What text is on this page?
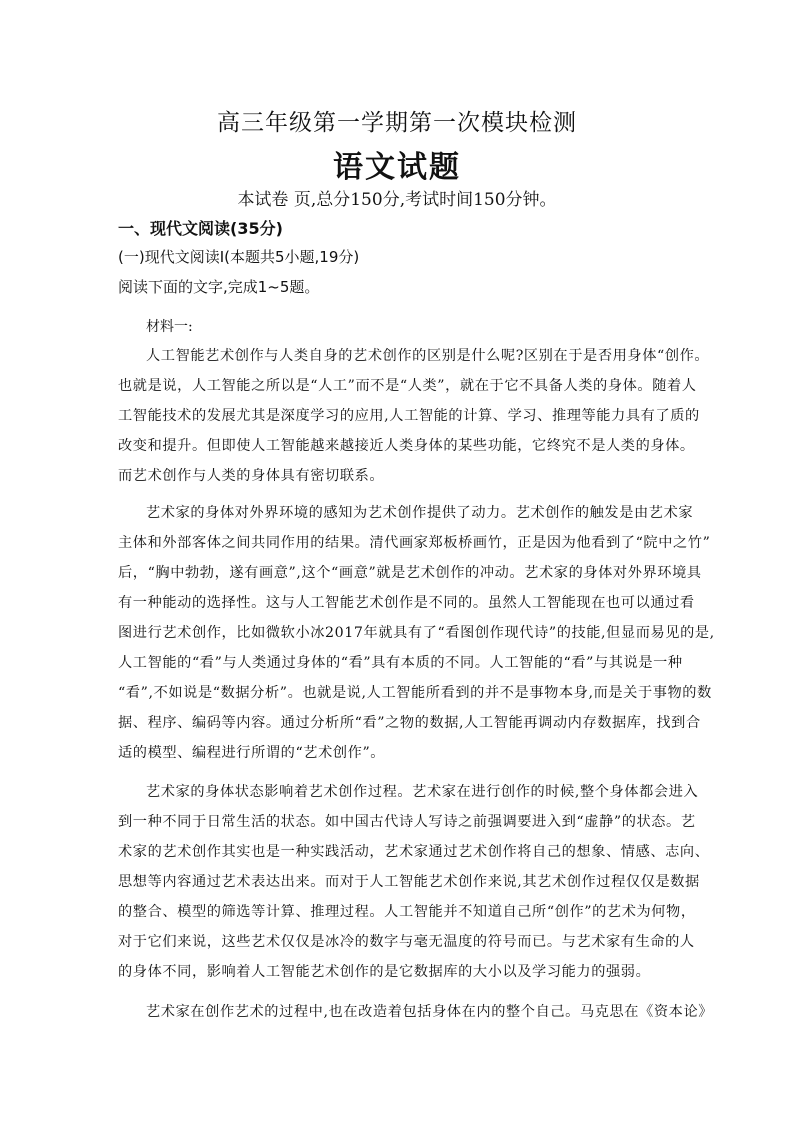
高三年级第一学期第一次模块检测
语文试题
本试卷 页,总分150分,考试时间150分钟。
一、现代文阅读(35分)
(一)现代文阅读Ⅰ(本题共5小题,19分)
阅读下面的文字,完成1~5题。
材料一:
人工智能艺术创作与人类自身的艺术创作的区别是什么呢?区别在于是否用身体“创作。
也就是说，人工智能之所以是“人工”而不是“人类”，就在于它不具备人类的身体。随着人
工智能技术的发展尤其是深度学习的应用,人工智能的计算、学习、推理等能力具有了质的
改变和提升。但即使人工智能越来越接近人类身体的某些功能，它终究不是人类的身体。
而艺术创作与人类的身体具有密切联系。
艺术家的身体对外界环境的感知为艺术创作提供了动力。艺术创作的触发是由艺术家
主体和外部客体之间共同作用的结果。清代画家郑板桥画竹，正是因为他看到了“院中之竹”
后，“胸中勃勃，遂有画意”,这个“画意”就是艺术创作的冲动。艺术家的身体对外界环境具
有一种能动的选择性。这与人工智能艺术创作是不同的。虽然人工智能现在也可以通过看
图进行艺术创作，比如微软小冰2017年就具有了“看图创作现代诗”的技能,但显而易见的是,
人工智能的“看”与人类通过身体的“看”具有本质的不同。人工智能的“看”与其说是一种
“看”,不如说是“数据分析”。也就是说,人工智能所看到的并不是事物本身,而是关于事物的数
据、程序、编码等内容。通过分析所“看”之物的数据,人工智能再调动内存数据库，找到合
适的模型、编程进行所谓的“艺术创作”。
艺术家的身体状态影响着艺术创作过程。艺术家在进行创作的时候,整个身体都会进入
到一种不同于日常生活的状态。如中国古代诗人写诗之前强调要进入到“虚静”的状态。艺
术家的艺术创作其实也是一种实践活动，艺术家通过艺术创作将自己的想象、情感、志向、
思想等内容通过艺术表达出来。而对于人工智能艺术创作来说,其艺术创作过程仅仅是数据
的整合、模型的筛选等计算、推理过程。人工智能并不知道自己所“创作”的艺术为何物，
对于它们来说，这些艺术仅仅是冰冷的数字与毫无温度的符号而已。与艺术家有生命的人
的身体不同，影响着人工智能艺术创作的是它数据库的大小以及学习能力的强弱。
艺术家在创作艺术的过程中,也在改造着包括身体在内的整个自己。马克思在《资本论》
